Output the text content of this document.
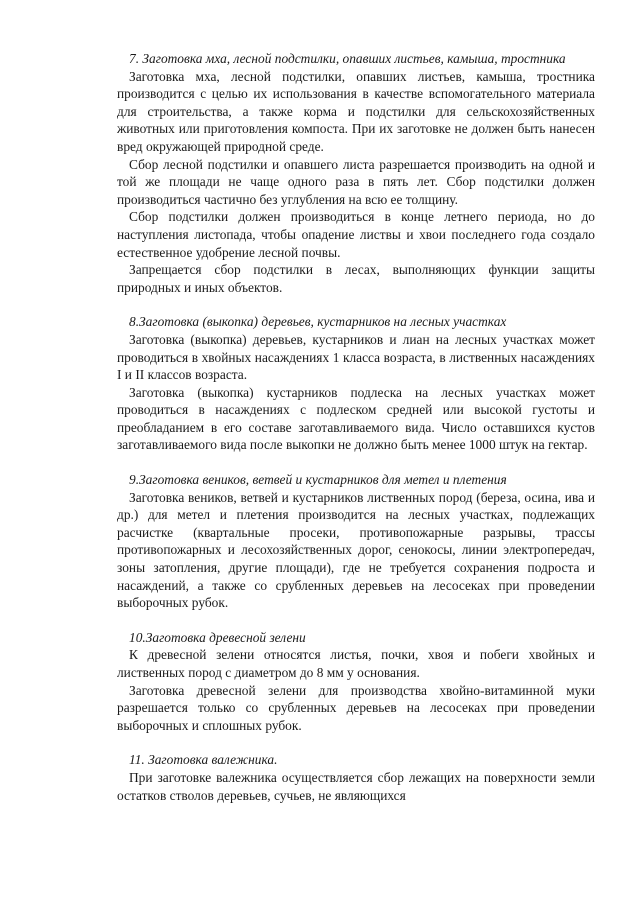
7. Заготовка мха, лесной подстилки, опавших листьев, камыша, тростника

Заготовка мха, лесной подстилки, опавших листьев, камыша, тростника производится с целью их использования в качестве вспомогательного материала для строительства, а также корма и подстилки для сельскохозяйственных животных или приготовления компоста. При их заготовке не должен быть нанесен вред окружающей природной среде.

Сбор лесной подстилки и опавшего листа разрешается производить на одной и той же площади не чаще одного раза в пять лет. Сбор подстилки должен производиться частично без углубления на всю ее толщину.

Сбор подстилки должен производиться в конце летнего периода, но до наступления листопада, чтобы опадение листвы и хвои последнего года создало естественное удобрение лесной почвы.

Запрещается сбор подстилки в лесах, выполняющих функции защиты природных и иных объектов.

8.Заготовка (выкопка) деревьев, кустарников на лесных участках

Заготовка (выкопка) деревьев, кустарников и лиан на лесных участках может проводиться в хвойных насаждениях 1 класса возраста, в лиственных насаждениях I и II классов возраста.

Заготовка (выкопка) кустарников подлеска на лесных участках может проводиться в насаждениях с подлеском средней или высокой густоты и преобладанием в его составе заготавливаемого вида. Число оставшихся кустов заготавливаемого вида после выкопки не должно быть менее 1000 штук на гектар.

9.Заготовка веников, ветвей и кустарников для метел и плетения

Заготовка веников, ветвей и кустарников лиственных пород (береза, осина, ива и др.) для метел и плетения производится на лесных участках, подлежащих расчистке (квартальные просеки, противопожарные разрывы, трассы противопожарных и лесохозяйственных дорог, сенокосы, линии электропередач, зоны затопления, другие площади), где не требуется сохранения подроста и насаждений, а также со срубленных деревьев на лесосеках при проведении выборочных рубок.

10.Заготовка древесной зелени

К древесной зелени относятся листья, почки, хвоя и побеги хвойных и лиственных пород с диаметром до 8 мм у основания.

Заготовка древесной зелени для производства хвойно-витаминной муки разрешается только со срубленных деревьев на лесосеках при проведении выборочных и сплошных рубок.

11. Заготовка валежника.

При заготовке валежника осуществляется сбор лежащих на поверхности земли остатков стволов деревьев, сучьев, не являющихся
